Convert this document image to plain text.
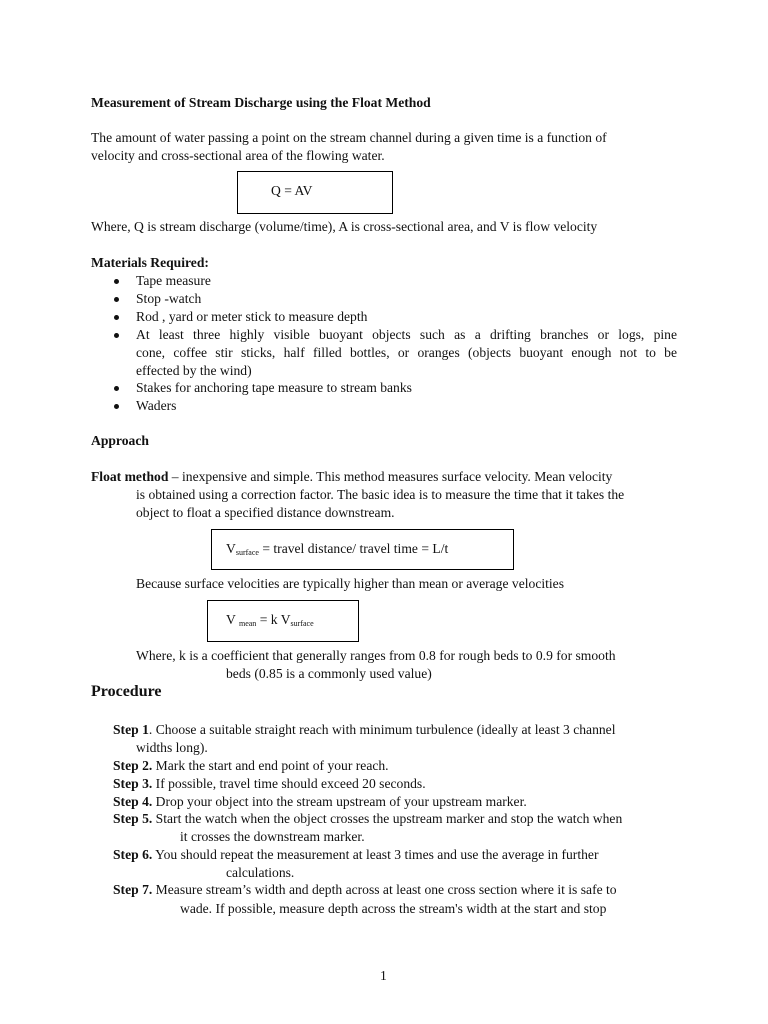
Measurement of Stream Discharge using the Float Method
The amount of water passing a point on the stream channel during a given time is a function of
velocity and cross-sectional area of the flowing water.
Q = AV
Where, Q is stream discharge (volume/time), A is cross-sectional area, and V is flow velocity
Materials Required:
Tape measure
Stop -watch
Rod , yard or meter stick to measure depth
At least three highly visible buoyant objects such as a drifting branches or logs, pine
cone, coffee stir sticks, half filled bottles, or oranges (objects buoyant enough not to be
effected by the wind)
Stakes for anchoring tape measure to stream banks
Waders
Approach
Float method – inexpensive and simple. This method measures surface velocity. Mean velocity
is obtained using a correction factor. The basic idea is to measure the time that it takes the
object to float a specified distance downstream.
$V_{surface}$ = travel distance/ travel time = L/t
Because surface velocities are typically higher than mean or average velocities
V $_{mean}$ = k $V_{surface}$
Where, k is a coefficient that generally ranges from 0.8 for rough beds to 0.9 for smooth
beds (0.85 is a commonly used value)
Procedure
Step 1. Choose a suitable straight reach with minimum turbulence (ideally at least 3 channel
widths long).
Step 2. Mark the start and end point of your reach.
Step 3. If possible, travel time should exceed 20 seconds.
Step 4. Drop your object into the stream upstream of your upstream marker.
Step 5. Start the watch when the object crosses the upstream marker and stop the watch when
it crosses the downstream marker.
Step 6. You should repeat the measurement at least 3 times and use the average in further
calculations.
Step 7. Measure stream’s width and depth across at least one cross section where it is safe to
wade. If possible, measure depth across the stream's width at the start and stop
1
